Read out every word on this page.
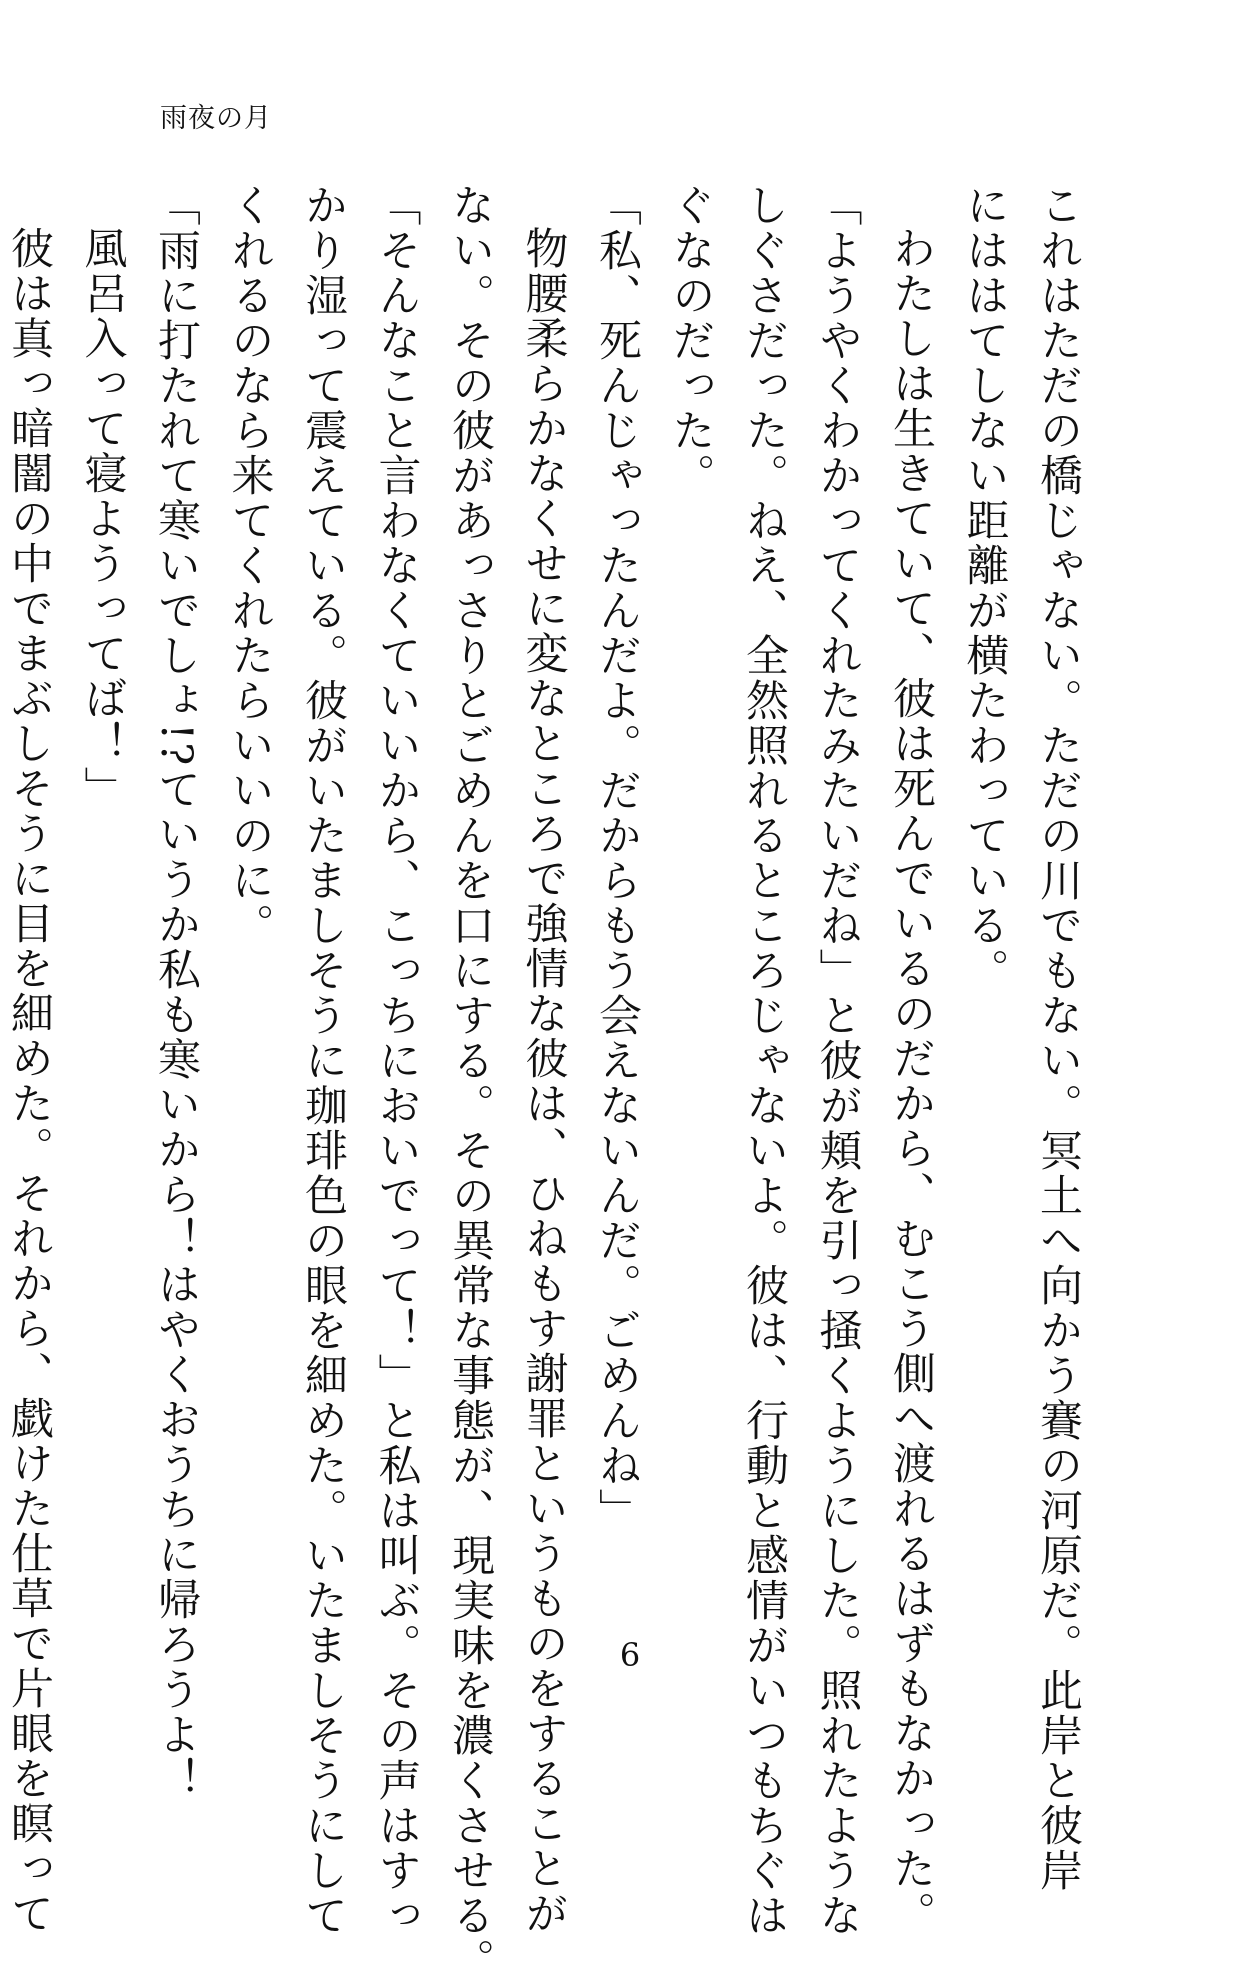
雨夜の月

これはただの橋じゃない。ただの川でもない。冥土へ向かう賽の河原だ。此岸と彼岸

にははてしない距離が横たわっている。

わたしは生きていて、彼は死んでいるのだから、むこう側へ渡れるはずもなかった。

「ようやくわかってくれたみたいだね」と彼が頬を引っ掻くようにした。照れたような

しぐさだった。ねえ、全然照れるところじゃないよ。彼は、行動と感情がいつもちぐは

ぐなのだった。

「私、死んじゃったんだよ。だからもう会えないんだ。ごめんね」

物腰柔らかなくせに変なところで強情な彼は、ひねもす謝罪というものをすることが

ない。その彼があっさりとごめんを口にする。その異常な事態が、現実味を濃くさせる。

「そんなこと言わなくていいから、こっちにおいでって！」と私は叫ぶ。その声はすっ

かり湿って震えている。彼がいたましそうに珈琲色の眼を細めた。いたましそうにして

くれるのなら来てくれたらいいのに。

「雨に打たれて寒いでしょ!?ていうか私も寒いから！はやくおうちに帰ろうよ！

風呂入って寝ようってば！」

彼は真っ暗闇の中でまぶしそうに目を細めた。それから、戯けた仕草で片眼を瞑って	6
